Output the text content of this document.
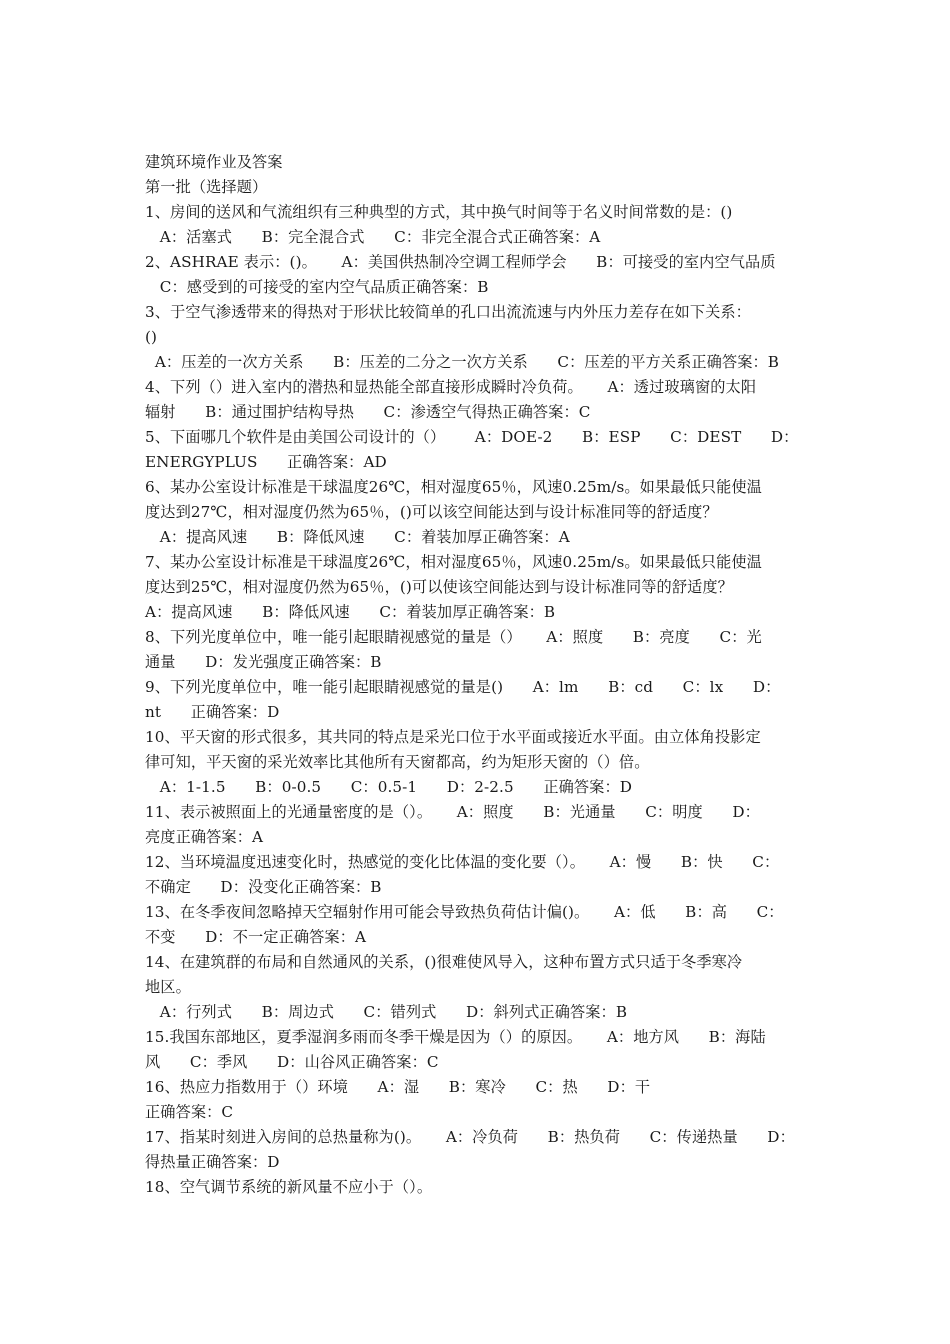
建筑环境作业及答案
第一批（选择题）
1、房间的送风和气流组织有三种典型的方式，其中换气时间等于名义时间常数的是：()
A：活塞式      B：完全混合式      C：非完全混合式正确答案：A
2、ASHRAE 表示：()。     A：美国供热制冷空调工程师学会      B：可接受的室内空气品质
C：感受到的可接受的室内空气品质正确答案：B
3、于空气渗透带来的得热对于形状比较简单的孔口出流流速与内外压力差存在如下关系：
()
A：压差的一次方关系      B：压差的二分之一次方关系      C：压差的平方关系正确答案：B
4、下列（）进入室内的潜热和显热能全部直接形成瞬时冷负荷。     A：透过玻璃窗的太阳
辐射      B：通过围护结构导热      C：渗透空气得热正确答案：C
5、下面哪几个软件是由美国公司设计的（）      A：DOE-2      B：ESP      C：DEST      D：
ENERGYPLUS      正确答案：AD
6、某办公室设计标准是干球温度26℃，相对湿度65％，风速0.25m/s。如果最低只能使温
度达到27℃，相对湿度仍然为65％，()可以该空间能达到与设计标准同等的舒适度？
A：提高风速      B：降低风速      C：着装加厚正确答案：A
7、某办公室设计标准是干球温度26℃，相对湿度65％，风速0.25m/s。如果最低只能使温
度达到25℃，相对湿度仍然为65％，()可以使该空间能达到与设计标准同等的舒适度？
A：提高风速      B：降低风速      C：着装加厚正确答案：B
8、下列光度单位中，唯一能引起眼睛视感觉的量是（）     A：照度      B：亮度      C：光
通量      D：发光强度正确答案：B
9、下列光度单位中，唯一能引起眼睛视感觉的量是()      A：lm      B：cd      C：lx      D：
nt      正确答案：D
10、平天窗的形式很多，其共同的特点是采光口位于水平面或接近水平面。由立体角投影定
律可知，平天窗的采光效率比其他所有天窗都高，约为矩形天窗的（）倍。
A：1-1.5      B：0-0.5      C：0.5-1      D：2-2.5      正确答案：D
11、表示被照面上的光通量密度的是（）。     A：照度      B：光通量      C：明度      D：
亮度正确答案：A
12、当环境温度迅速变化时，热感觉的变化比体温的变化要（）。     A：慢      B：快      C：
不确定      D：没变化正确答案：B
13、在冬季夜间忽略掉天空辐射作用可能会导致热负荷估计偏()。     A：低      B：高      C：
不变      D：不一定正确答案：A
14、在建筑群的布局和自然通风的关系，()很难使风导入，这种布置方式只适于冬季寒冷
地区。
A：行列式      B：周边式      C：错列式      D：斜列式正确答案：B
15.我国东部地区，夏季湿润多雨而冬季干燥是因为（）的原因。     A：地方风      B：海陆
风      C：季风      D：山谷风正确答案：C
16、热应力指数用于（）环境      A：湿      B：寒冷      C：热      D：干
正确答案：C
17、指某时刻进入房间的总热量称为()。     A：冷负荷      B：热负荷      C：传递热量      D：
得热量正确答案：D
18、空气调节系统的新风量不应小于（）。
